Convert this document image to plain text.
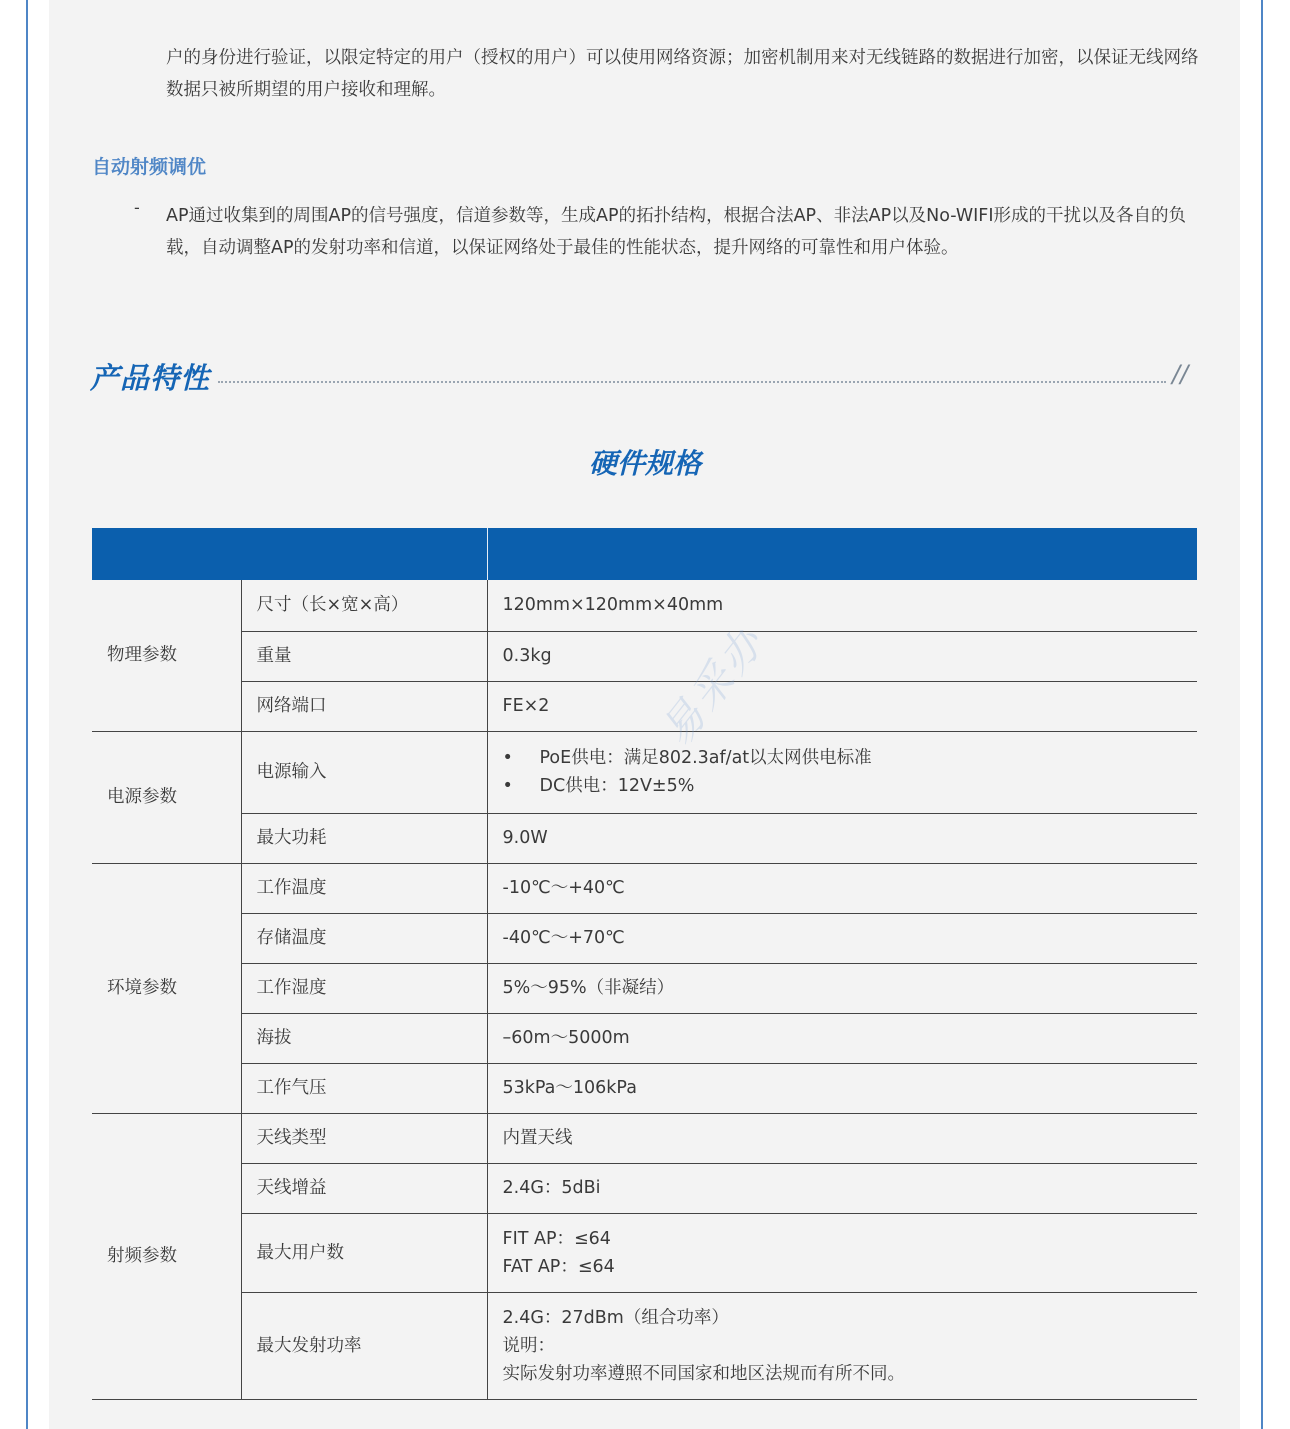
户的身份进行验证，以限定特定的用户（授权的用户）可以使用网络资源；加密机制用来对无线链路的数据进行加密，以保证无线网络数据只被所期望的用户接收和理解。

自动射频调优
- AP通过收集到的周围AP的信号强度，信道参数等，生成AP的拓扑结构，根据合法AP、非法AP以及No-WIFI形成的干扰以及各自的负载，自动调整AP的发射功率和信道，以保证网络处于最佳的性能状态，提升网络的可靠性和用户体验。

产品特性	//
硬件规格

物理参数	尺寸（长×宽×高）	120mm×120mm×40mm

	重量	0.3kg

	网络端口	FE×2

电源参数	电源输入	• PoE供电：满足802.3af/at以太网供电标准
• DC供电：12V±5%

	最大功耗	9.0W

环境参数	工作温度	-10℃～+40℃

	存储温度	-40℃～+70℃

	工作湿度	5%～95%（非凝结）

	海拔	–60m～5000m

	工作气压	53kPa～106kPa

射频参数	天线类型	内置天线

	天线增益	2.4G：5dBi

	最大用户数	FIT AP：≤64
FAT AP：≤64

	最大发射功率	2.4G：27dBm（组合功率）
说明：
实际发射功率遵照不同国家和地区法规而有所不同。
易采办
